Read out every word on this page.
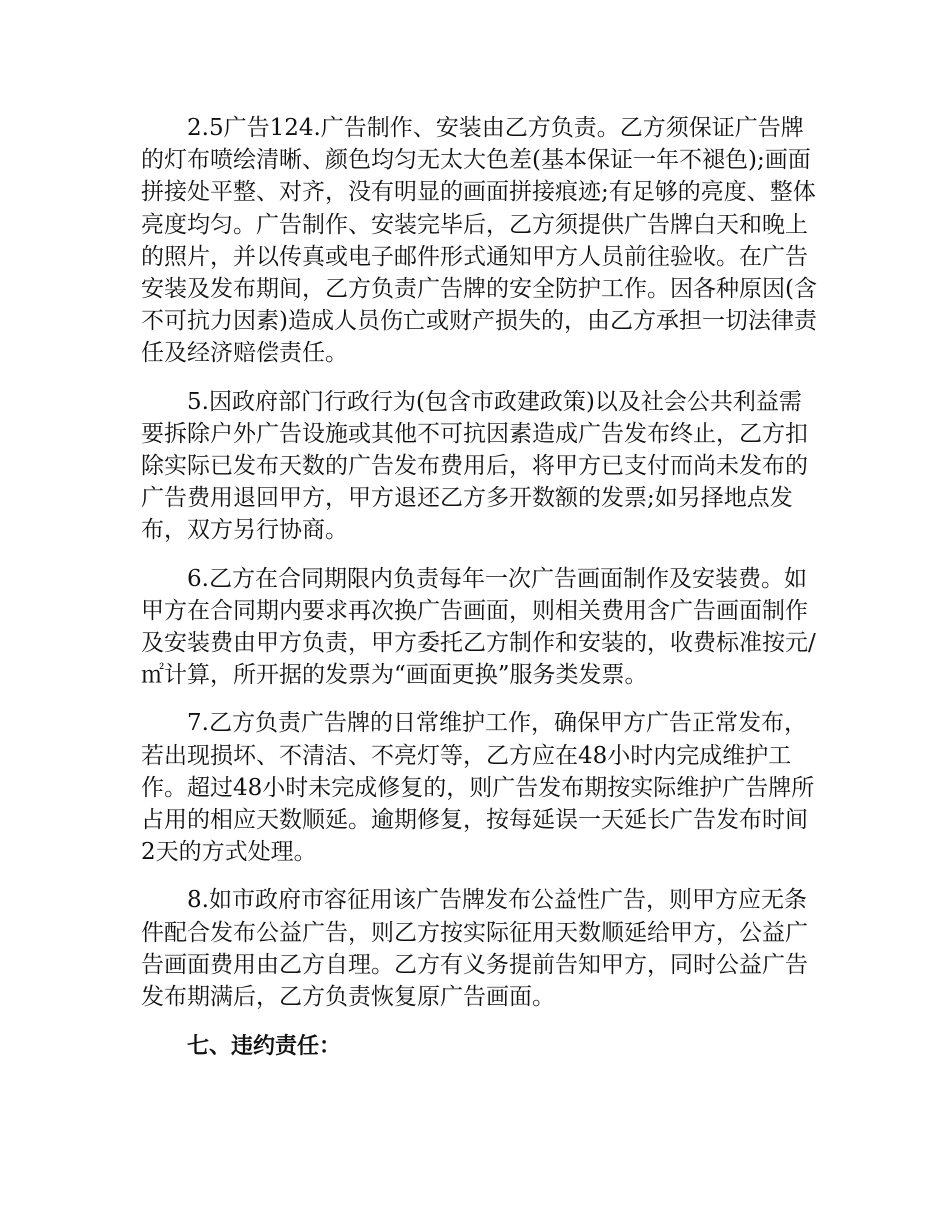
2.5广告124.广告制作、安装由乙方负责。乙方须保证广告牌的灯布喷绘清晰、颜色均匀无太大色差(基本保证一年不褪色);画面拼接处平整、对齐，没有明显的画面拼接痕迹;有足够的亮度、整体亮度均匀。广告制作、安装完毕后，乙方须提供广告牌白天和晚上的照片，并以传真或电子邮件形式通知甲方人员前往验收。在广告安装及发布期间，乙方负责广告牌的安全防护工作。因各种原因(含不可抗力因素)造成人员伤亡或财产损失的，由乙方承担一切法律责任及经济赔偿责任。

5.因政府部门行政行为(包含市政建政策)以及社会公共利益需要拆除户外广告设施或其他不可抗因素造成广告发布终止，乙方扣除实际已发布天数的广告发布费用后，将甲方已支付而尚未发布的广告费用退回甲方，甲方退还乙方多开数额的发票;如另择地点发布，双方另行协商。

6.乙方在合同期限内负责每年一次广告画面制作及安装费。如甲方在合同期内要求再次换广告画面，则相关费用含广告画面制作及安装费由甲方负责，甲方委托乙方制作和安装的，收费标准按元/㎡计算，所开据的发票为“画面更换”服务类发票。

7.乙方负责广告牌的日常维护工作，确保甲方广告正常发布，若出现损坏、不清洁、不亮灯等，乙方应在48小时内完成维护工作。超过48小时未完成修复的，则广告发布期按实际维护广告牌所占用的相应天数顺延。逾期修复，按每延误一天延长广告发布时间2天的方式处理。

8.如市政府市容征用该广告牌发布公益性广告，则甲方应无条件配合发布公益广告，则乙方按实际征用天数顺延给甲方，公益广告画面费用由乙方自理。乙方有义务提前告知甲方，同时公益广告发布期满后，乙方负责恢复原广告画面。

七、违约责任：
